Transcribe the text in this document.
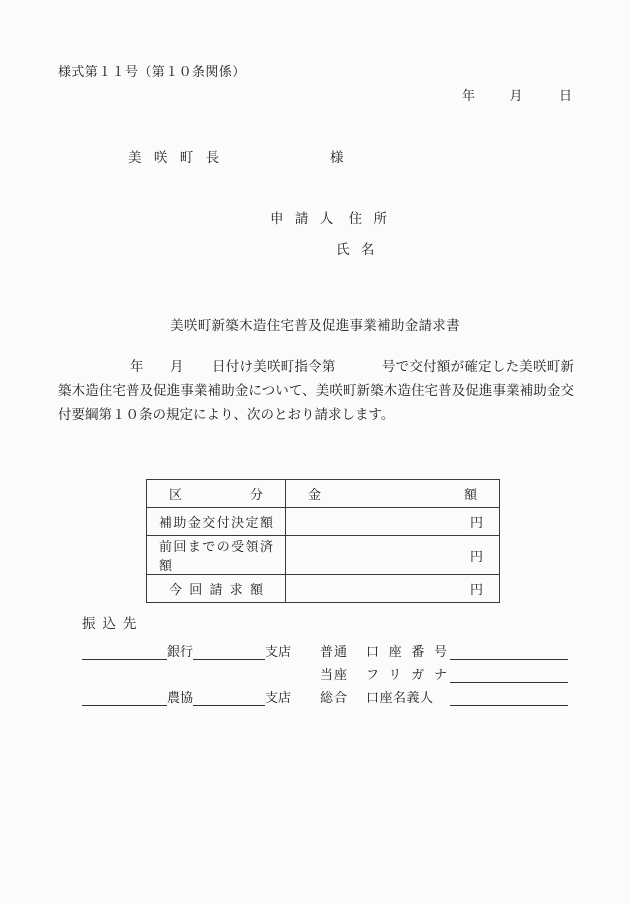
様式第１１号（第１０条関係）
年	月	日
美 咲 町 長	様
申 請 人 住 所
氏 名
美咲町新築木造住宅普及促進事業補助金請求書
年 月 日付け美咲町指令第	号で交付額が確定した美咲町新築木造住宅普及促進事業補助金について、美咲町新築木造住宅普及促進事業補助金交付要綱第１０条の規定により、次のとおり請求します。
区分	金額

補助金交付決定額	円

前回までの受領済額	円

今回請求額	円
振込先
銀行	支店 普通	口座番号
当座	フリガナ
農協	支店 総合	口座名義人
